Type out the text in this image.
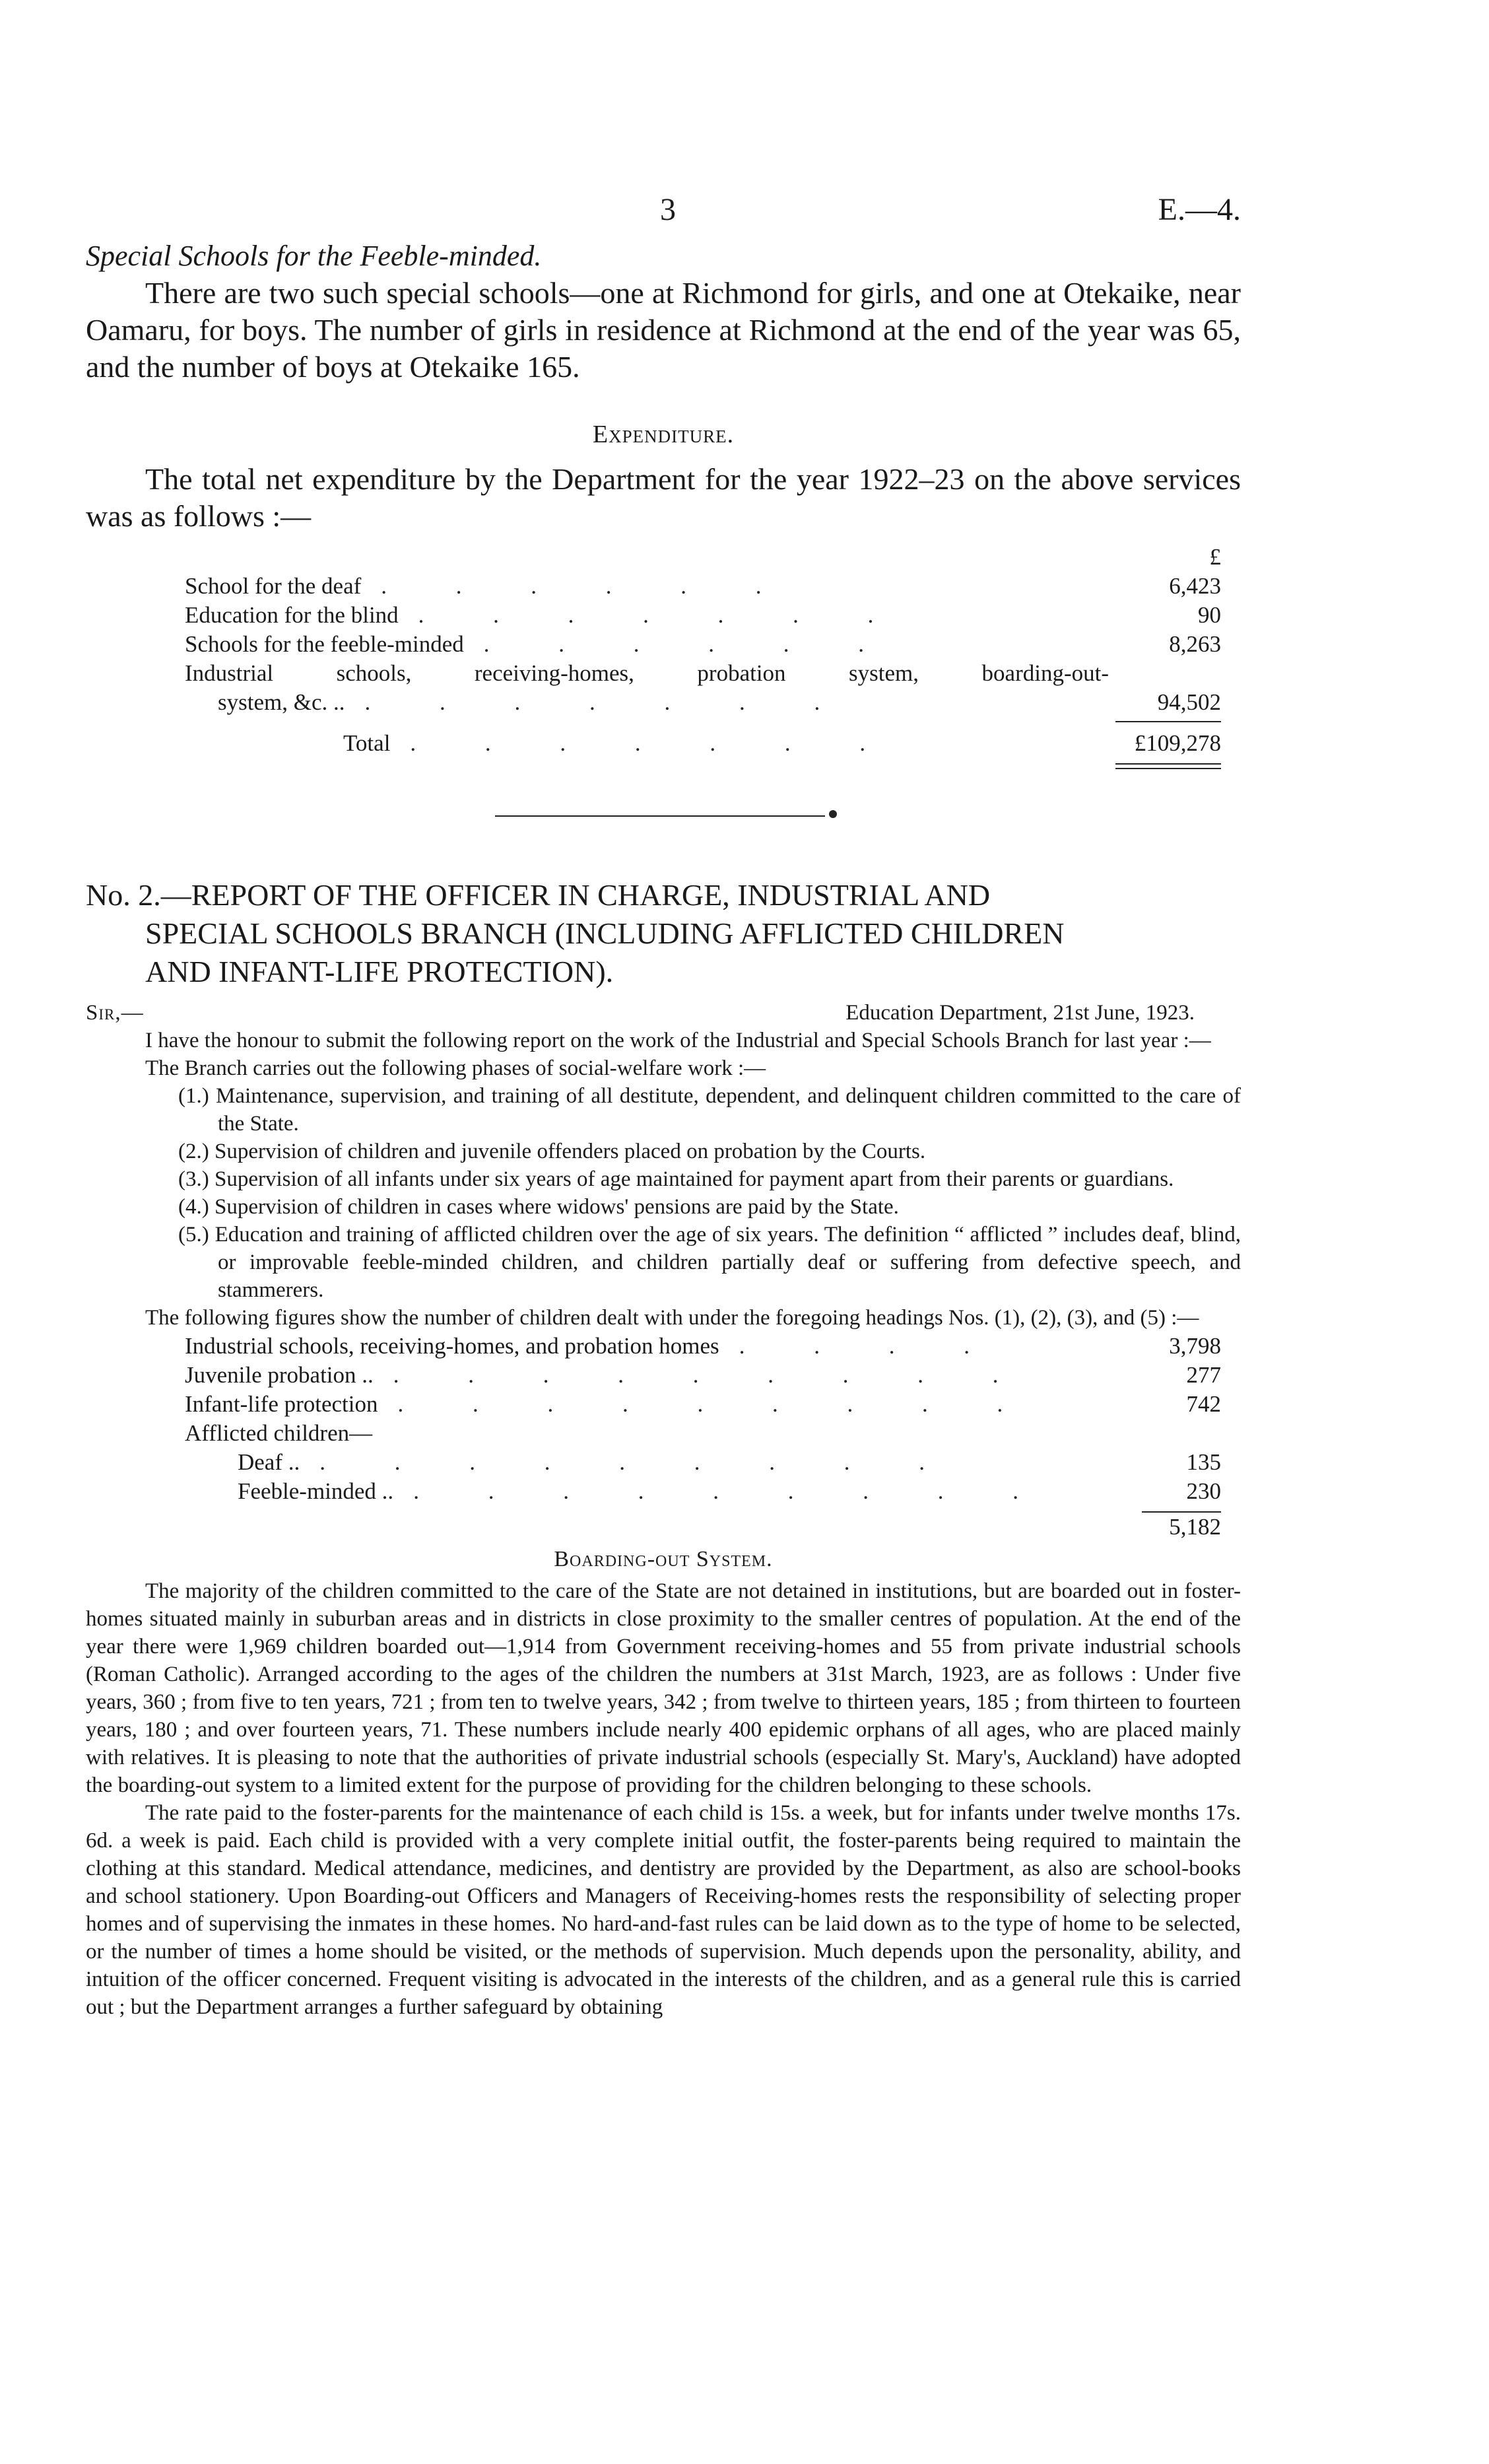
3	E.—4.
Special Schools for the Feeble-minded.
There are two such special schools—one at Richmond for girls, and one at Otekaike, near Oamaru, for boys. The number of girls in residence at Richmond at the end of the year was 65, and the number of boys at Otekaike 165.
Expenditure.
The total net expenditure by the Department for the year 1922–23 on the above services was as follows :—
£
School for the deaf . . . . . .	6,423
Education for the blind . . . . . . .	90
Schools for the feeble-minded . . . . . .	8,263
Industrial schools, receiving-homes, probation system, boarding-out-
system, &c. .. . . . . . . .	94,502
Total . . . . . . .	£109,278
No. 2.—REPORT OF THE OFFICER IN CHARGE, INDUSTRIAL AND
SPECIAL SCHOOLS BRANCH (INCLUDING AFFLICTED CHILDREN
AND INFANT-LIFE PROTECTION).
Sir,—	Education Department, 21st June, 1923.

I have the honour to submit the following report on the work of the Industrial and Special Schools Branch for last year :—

The Branch carries out the following phases of social-welfare work :—

(1.) Maintenance, supervision, and training of all destitute, dependent, and delinquent children committed to the care of the State.

(2.) Supervision of children and juvenile offenders placed on probation by the Courts.

(3.) Supervision of all infants under six years of age maintained for payment apart from their parents or guardians.

(4.) Supervision of children in cases where widows' pensions are paid by the State.

(5.) Education and training of afflicted children over the age of six years. The definition “ afflicted ” includes deaf, blind, or improvable feeble-minded children, and children partially deaf or suffering from defective speech, and stammerers.

The following figures show the number of children dealt with under the foregoing headings Nos. (1), (2), (3), and (5) :—

Industrial schools, receiving-homes, and probation homes . . . .	3,798
Juvenile probation .. . . . . . . . . .	277
Infant-life protection . . . . . . . . .	742
Afflicted children—
Deaf .. . . . . . . . . .	135
Feeble-minded .. . . . . . . . . .	230
5,182
Boarding-out System.

The majority of the children committed to the care of the State are not detained in institutions, but are boarded out in foster-homes situated mainly in suburban areas and in districts in close proximity to the smaller centres of population. At the end of the year there were 1,969 children boarded out—1,914 from Government receiving-homes and 55 from private industrial schools (Roman Catholic). Arranged according to the ages of the children the numbers at 31st March, 1923, are as follows : Under five years, 360 ; from five to ten years, 721 ; from ten to twelve years, 342 ; from twelve to thirteen years, 185 ; from thirteen to fourteen years, 180 ; and over fourteen years, 71. These numbers include nearly 400 epidemic orphans of all ages, who are placed mainly with relatives. It is pleasing to note that the authorities of private industrial schools (especially St. Mary's, Auckland) have adopted the boarding-out system to a limited extent for the purpose of providing for the children belonging to these schools.

The rate paid to the foster-parents for the maintenance of each child is 15s. a week, but for infants under twelve months 17s. 6d. a week is paid. Each child is provided with a very complete initial outfit, the foster-parents being required to maintain the clothing at this standard. Medical attendance, medicines, and dentistry are provided by the Department, as also are school-books and school stationery. Upon Boarding-out Officers and Managers of Receiving-homes rests the responsibility of selecting proper homes and of supervising the inmates in these homes. No hard-and-fast rules can be laid down as to the type of home to be selected, or the number of times a home should be visited, or the methods of supervision. Much depends upon the personality, ability, and intuition of the officer concerned. Frequent visiting is advocated in the interests of the children, and as a general rule this is carried out ; but the Department arranges a further safeguard by obtaining
